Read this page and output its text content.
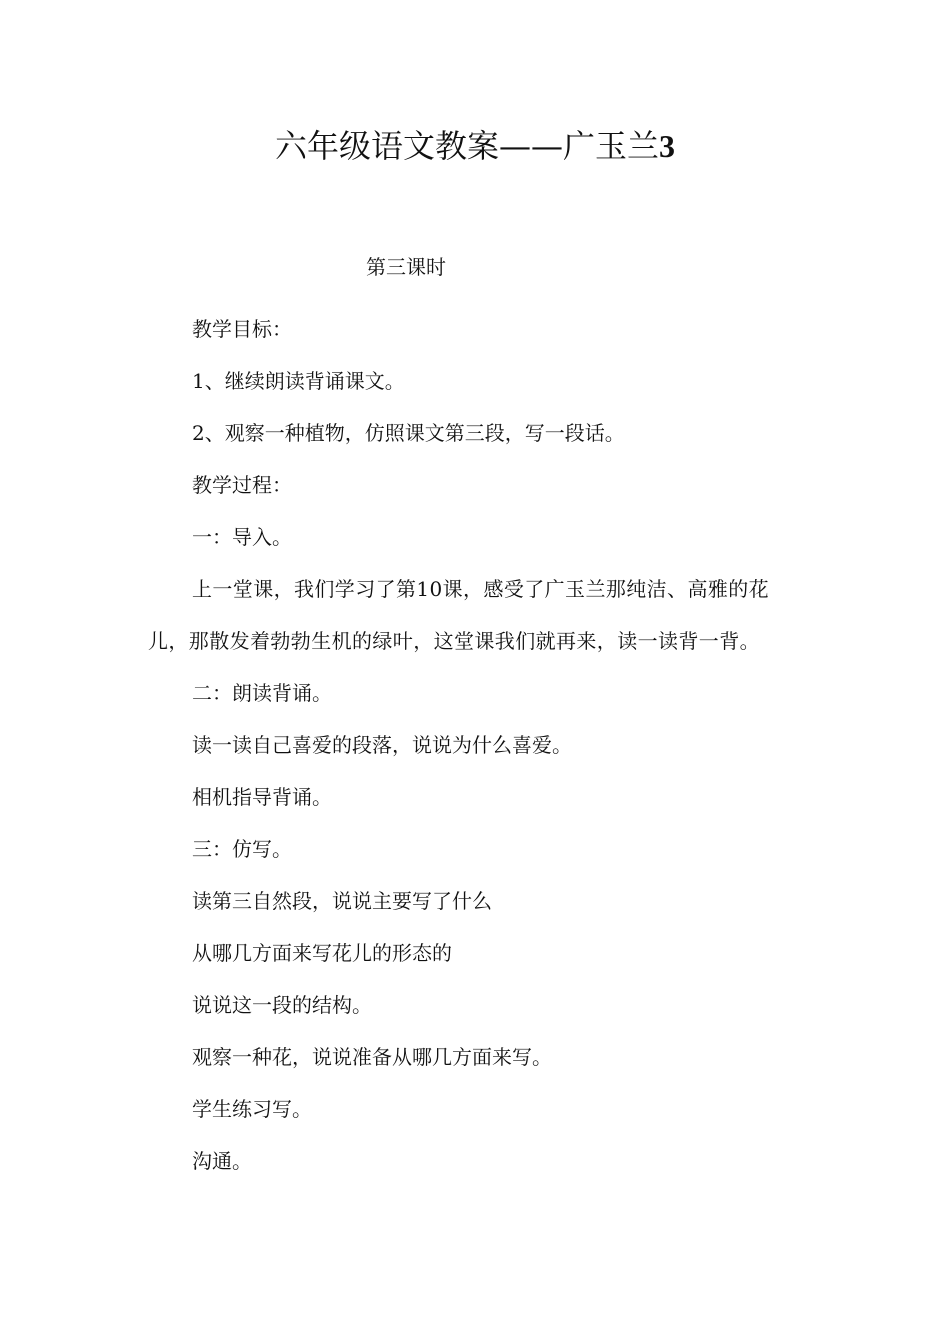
六年级语文教案——广玉兰3

第三课时

教学目标：

1、继续朗读背诵课文。

2、观察一种植物，仿照课文第三段，写一段话。

教学过程：

一：导入。

上一堂课，我们学习了第10课，感受了广玉兰那纯洁、高雅的花儿，那散发着勃勃生机的绿叶，这堂课我们就再来，读一读背一背。

二：朗读背诵。

读一读自己喜爱的段落，说说为什么喜爱。

相机指导背诵。

三：仿写。

读第三自然段，说说主要写了什么

从哪几方面来写花儿的形态的

说说这一段的结构。

观察一种花，说说准备从哪几方面来写。

学生练习写。

沟通。
